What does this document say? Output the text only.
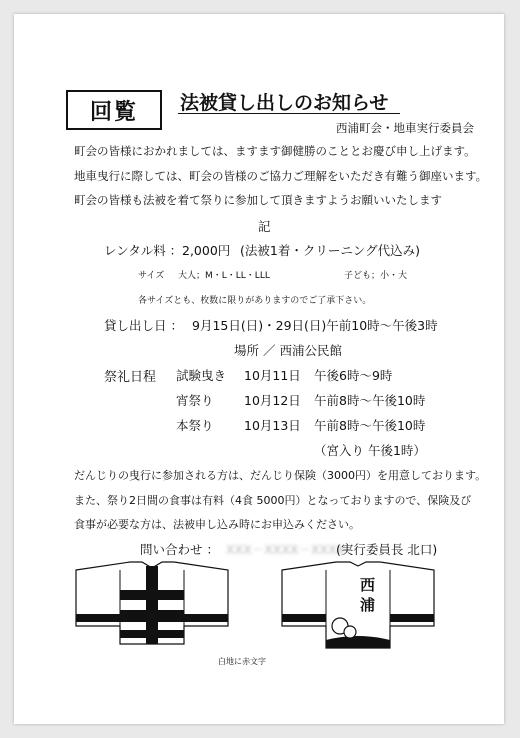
回覧	法被貸し出しのお知らせ
西浦町会・地車実行委員会
町会の皆様におかれましては、ますます御健勝のこととお慶び申し上げます。
地車曳行に際しては、町会の皆様のご協力ご理解をいただき有難う御座います。
町会の皆様も法被を着て祭りに参加して頂きますようお願いいたします
記
レンタル料 ： 2,000円 (法被1着・クリーニング代込み)
サイズ 大人；M・L・LL・LLL	子ども；小・大
各サイズとも、枚数に限りがありますのでご了承下さい。
貸し出し日 ： 9月15日(日)・29日(日)午前10時～午後3時
場所 ／ 西浦公民館
祭礼日程 試験曳き 10月11日 午後6時～9時
宵祭り 10月12日 午前8時～午後10時
本祭り 10月13日 午前8時～午後10時
（宮入り 午後1時）
だんじりの曳行に参加される方は、だんじり保険（3000円）を用意しております。
また、祭り2日間の食事は有料（4食 5000円）となっておりますので、保険及び
食事が必要な方は、法被申し込み時にお申込みください。
問い合わせ ： XXX－XXXX－XXXX
(実行委員長 北口)
西
浦
白地に赤文字
